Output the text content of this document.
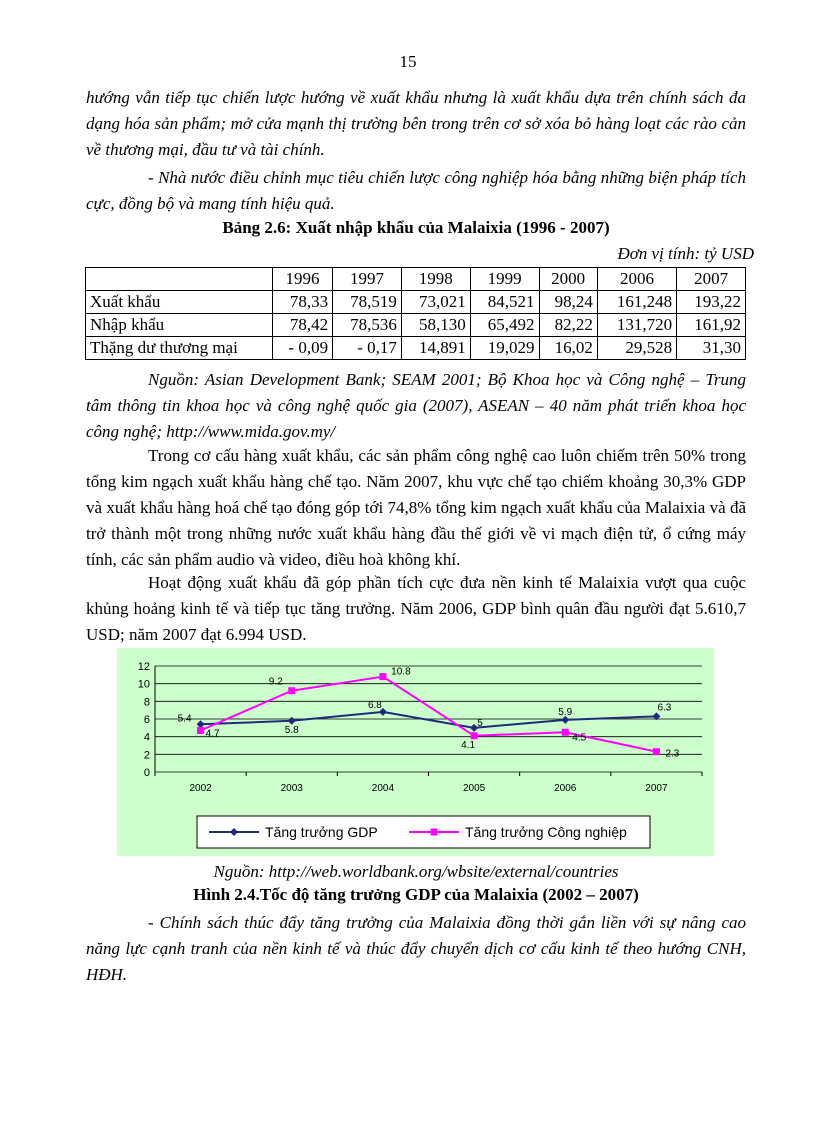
15

hướng vẫn tiếp tục chiến lược hướng về xuất khẩu nhưng là xuất khẩu dựa trên chính sách đa dạng hóa sản phẩm; mở cửa mạnh thị trường bên trong trên cơ sở xóa bỏ hàng loạt các rào cản về thương mại, đầu tư và tài chính.

- Nhà nước điều chỉnh mục tiêu chiến lược công nghiệp hóa bằng những biện pháp tích cực, đồng bộ và mang tính hiệu quả.

Bảng 2.6: Xuất nhập khẩu của Malaixia (1996 - 2007)
Đơn vị tính: tỷ USD
	1996	1997	1998	1999	2000	2006	2007
Xuất khẩu	78,33	78,519	73,021	84,521	98,24	161,248	193,22
Nhập khẩu	78,42	78,536	58,130	65,492	82,22	131,720	161,92
Thặng dư thương mại	- 0,09	- 0,17	14,891	19,029	16,02	29,528	31,30

Nguồn: Asian Development Bank; SEAM 2001; Bộ Khoa học và Công nghệ – Trung tâm thông tin khoa học và công nghệ quốc gia (2007), ASEAN – 40 năm phát triển khoa học công nghệ; http://www.mida.gov.my/

Trong cơ cấu hàng xuất khẩu, các sản phẩm công nghệ cao luôn chiếm trên 50% trong tổng kim ngạch xuất khẩu hàng chế tạo. Năm 2007, khu vực chế tạo chiếm khoảng 30,3% GDP và xuất khẩu hàng hoá chế tạo đóng góp tới 74,8% tổng kim ngạch xuất khẩu của Malaixia và đã trở thành một trong những nước xuất khẩu hàng đầu thế giới về vi mạch điện tử, ổ cứng máy tính, các sản phẩm audio và video, điều hoà không khí.

Hoạt động xuất khẩu đã góp phần tích cực đưa nền kinh tế Malaixia vượt qua cuộc khủng hoảng kinh tế và tiếp tục tăng trưởng. Năm 2006, GDP bình quân đầu người đạt 5.610,7 USD; năm 2007 đạt 6.994 USD.

0
2
4
6
8
10
12
2002	2003	2004	2005	2006	2007
5.4
5.8
6.8
5
5.9	6.3
4.7
9.2
10.8
4.1
4.5
2.3
Tăng trưởng GDP	Tăng trưởng Công nghiệp
Nguồn: http://web.worldbank.org/wbsite/external/countries
Hình 2.4.Tốc độ tăng trưởng GDP của Malaixia (2002 – 2007)

- Chính sách thúc đẩy tăng trưởng của Malaixia đồng thời gắn liền với sự nâng cao năng lực cạnh tranh của nền kinh tế và thúc đẩy chuyển dịch cơ cấu kinh tế theo hướng CNH, HĐH.
